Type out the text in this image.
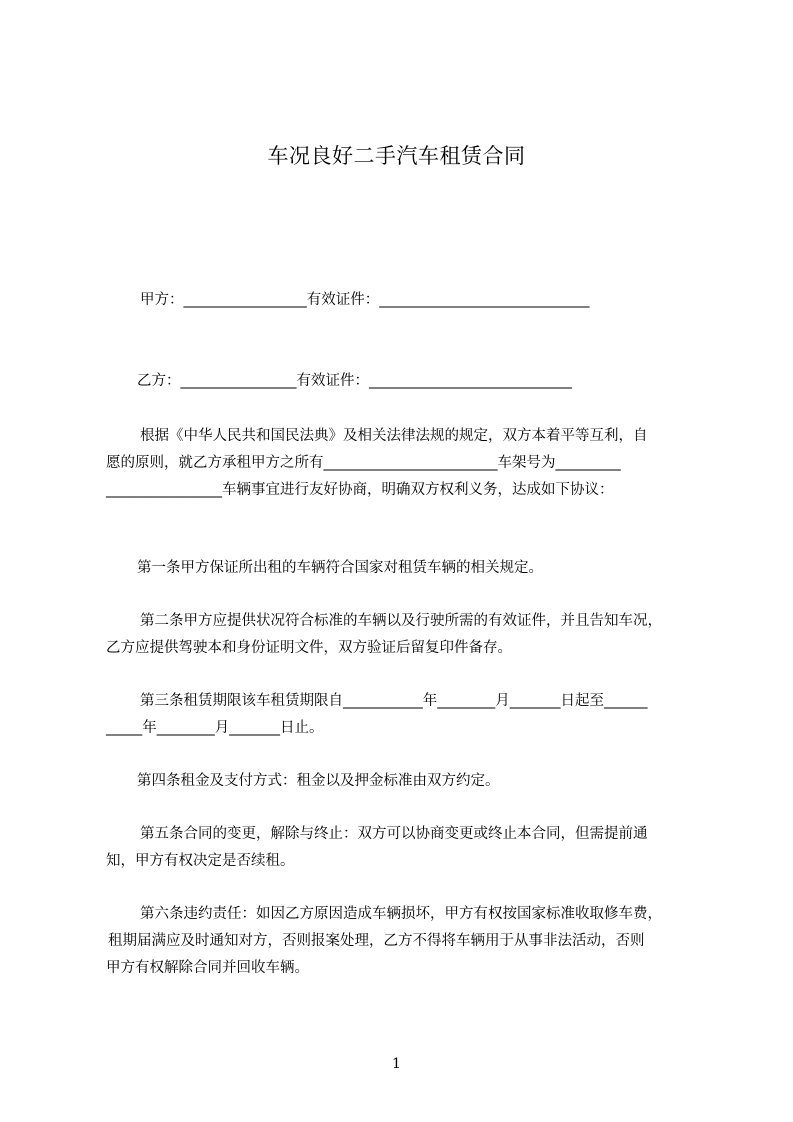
车况良好二手汽车租赁合同
甲方：_________________有效证件：_____________________________
乙方：________________有效证件：____________________________
根据《中华人民共和国民法典》及相关法律法规的规定，双方本着平等互利，自
愿的原则，就乙方承租甲方之所有________________________车架号为_________
________________车辆事宜进行友好协商，明确双方权利义务，达成如下协议：
第一条甲方保证所出租的车辆符合国家对租赁车辆的相关规定。
第二条甲方应提供状况符合标准的车辆以及行驶所需的有效证件，并且告知车况，
乙方应提供驾驶本和身份证明文件，双方验证后留复印件备存。
第三条租赁期限该车租赁期限自___________年________月_______日起至______
_____年________月_______日止。
第四条租金及支付方式：租金以及押金标准由双方约定。
第五条合同的变更，解除与终止：双方可以协商变更或终止本合同，但需提前通
知，甲方有权决定是否续租。
第六条违约责任：如因乙方原因造成车辆损坏，甲方有权按国家标准收取修车费，
租期届满应及时通知对方，否则报案处理，乙方不得将车辆用于从事非法活动，否则
甲方有权解除合同并回收车辆。
1
